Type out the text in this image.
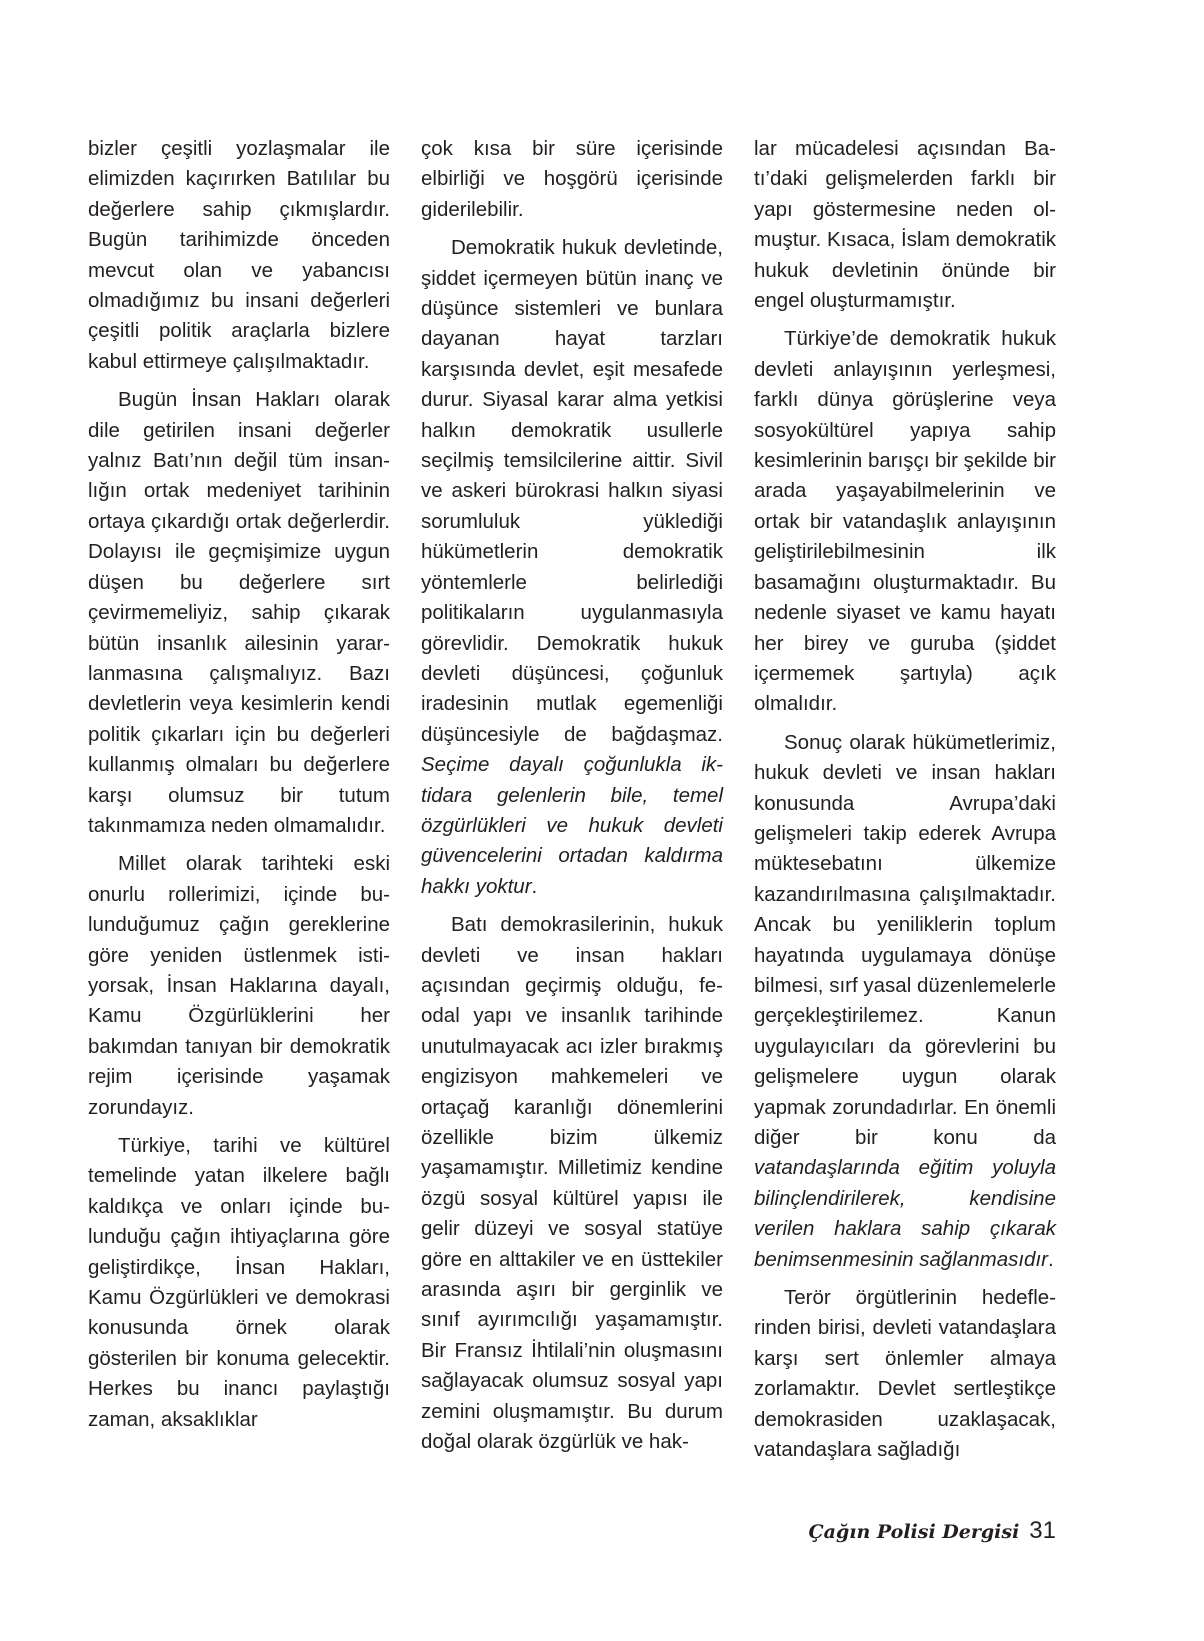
bizler çeşitli yozlaşmalar ile elimizden kaçırırken Batılılar bu değerlere sahip çıkmışlardır. Bugün tarihimizde önceden mevcut olan ve yabancısı olmadığımız bu insani değerleri çeşitli politik araçlarla bizlere kabul ettirmeye çalışılmaktadır.

Bugün İnsan Hakları olarak dile getirilen insani değerler yalnız Batı’nın değil tüm insanlığın ortak medeniyet tarihinin ortaya çıkardığı ortak değerlerdir. Dolayısı ile geçmişimize uygun düşen bu değerlere sırt çevirmemeliyiz, sahip çıkarak bütün insanlık ailesinin yararlanmasına çalışmalıyız. Bazı devletlerin veya kesimlerin kendi politik çıkarları için bu değerleri kullanmış olmaları bu değerlere karşı olumsuz bir tutum takınmamıza neden olmamalıdır.

Millet olarak tarihteki eski onurlu rollerimizi, içinde bulunduğumuz çağın gereklerine göre yeniden üstlenmek istiyorsak, İnsan Haklarına dayalı, Kamu Özgürlüklerini her bakımdan tanıyan bir demokratik rejim içerisinde yaşamak zorundayız.

Türkiye, tarihi ve kültürel temelinde yatan ilkelere bağlı kaldıkça ve onları içinde bulunduğu çağın ihtiyaçlarına göre geliştirdikçe, İnsan Hakları, Kamu Özgürlükleri ve demokrasi konusunda örnek olarak gösterilen bir konuma gelecektir. Herkes bu inancı paylaştığı zaman, aksaklıklar

çok kısa bir süre içerisinde elbirliği ve hoşgörü içerisinde giderilebilir.

Demokratik hukuk devletinde, şiddet içermeyen bütün inanç ve düşünce sistemleri ve bunlara dayanan hayat tarzları karşısında devlet, eşit mesafede durur. Siyasal karar alma yetkisi halkın demokratik usullerle seçilmiş temsilcilerine aittir. Sivil ve askeri bürokrasi halkın siyasi sorumluluk yüklediği hükümetlerin demokratik yöntemlerle belirlediği politikaların uygulanmasıyla görevlidir. Demokratik hukuk devleti düşüncesi, çoğunluk iradesinin mutlak egemenliği düşüncesiyle de bağdaşmaz. Seçime dayalı çoğunlukla iktidara gelenlerin bile, temel özgürlükleri ve hukuk devleti güvencelerini ortadan kaldırma hakkı yoktur.

Batı demokrasilerinin, hukuk devleti ve insan hakları açısından geçirmiş olduğu, feodal yapı ve insanlık tarihinde unutulmayacak acı izler bırakmış engizisyon mahkemeleri ve ortaçağ karanlığı dönemlerini özellikle bizim ülkemiz yaşamamıştır. Milletimiz kendine özgü sosyal kültürel yapısı ile gelir düzeyi ve sosyal statüye göre en alttakiler ve en üsttekiler arasında aşırı bir gerginlik ve sınıf ayırımcılığı yaşamamıştır. Bir Fransız İhtilali’nin oluşmasını sağlayacak olumsuz sosyal yapı zemini oluşmamıştır. Bu durum doğal olarak özgürlük ve hak-

lar mücadelesi açısından Batı’daki gelişmelerden farklı bir yapı göstermesine neden olmuştur. Kısaca, İslam demokratik hukuk devletinin önünde bir engel oluşturmamıştır.

Türkiye’de demokratik hukuk devleti anlayışının yerleşmesi, farklı dünya görüşlerine veya sosyokültürel yapıya sahip kesimlerinin barışçı bir şekilde bir arada yaşayabilmelerinin ve ortak bir vatandaşlık anlayışının geliştirilebilmesinin ilk basamağını oluşturmaktadır. Bu nedenle siyaset ve kamu hayatı her birey ve guruba (şiddet içermemek şartıyla) açık olmalıdır.

Sonuç olarak hükümetlerimiz, hukuk devleti ve insan hakları konusunda Avrupa’daki gelişmeleri takip ederek Avrupa müktesebatını ülkemize kazandırılmasına çalışılmaktadır. Ancak bu yeniliklerin toplum hayatında uygulamaya dönüşe bilmesi, sırf yasal düzenlemelerle gerçekleştirilemez. Kanun uygulayıcıları da görevlerini bu gelişmelere uygun olarak yapmak zorundadırlar. En önemli diğer bir konu da vatandaşlarında eğitim yoluyla bilinçlendirilerek, kendisine verilen haklara sahip çıkarak benimsenmesinin sağlanmasıdır.

Terör örgütlerinin hedeflerinden birisi, devleti vatandaşlara karşı sert önlemler almaya zorlamaktır. Devlet sertleştikçe demokrasiden uzaklaşacak, vatandaşlara sağladığı

Çağın Polisi Dergisi 31
